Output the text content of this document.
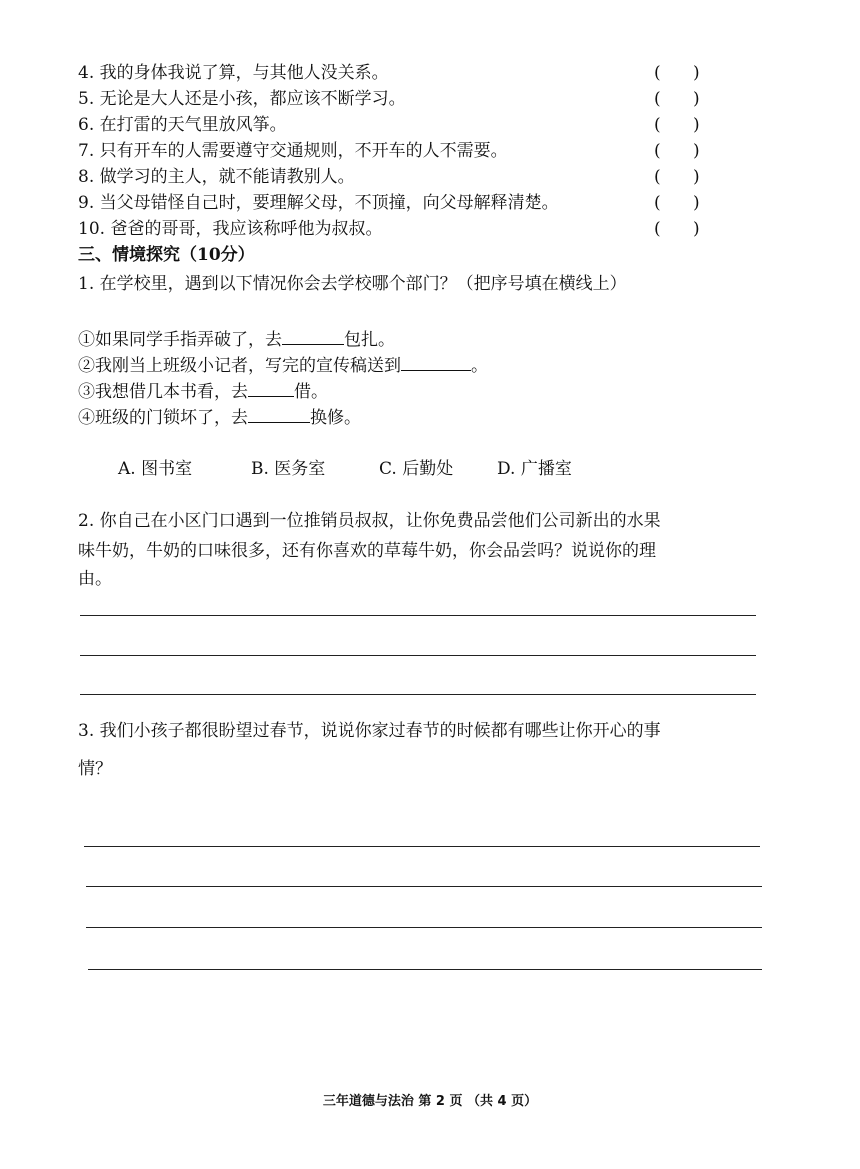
4. 我的身体我说了算，与其他人没关系。	(      )
5. 无论是大人还是小孩，都应该不断学习。	(      )
6. 在打雷的天气里放风筝。	(      )
7. 只有开车的人需要遵守交通规则，不开车的人不需要。	(      )
8. 做学习的主人，就不能请教别人。	(      )
9. 当父母错怪自己时，要理解父母，不顶撞，向父母解释清楚。	(      )
10. 爸爸的哥哥，我应该称呼他为叔叔。	(      )
三、情境探究（10分）
1. 在学校里，遇到以下情况你会去学校哪个部门？（把序号填在横线上）
①如果同学手指弄破了，去	包扎。
②我刚当上班级小记者，写完的宣传稿送到	。
③我想借几本书看，去	借。
④班级的门锁坏了，去	换修。
A. 图书室	B. 医务室	C. 后勤处	D. 广播室
2. 你自己在小区门口遇到一位推销员叔叔，让你免费品尝他们公司新出的水果
味牛奶，牛奶的口味很多，还有你喜欢的草莓牛奶，你会品尝吗？说说你的理
由。
3. 我们小孩子都很盼望过春节，说说你家过春节的时候都有哪些让你开心的事
情？
三年道德与法治 第 2 页 （共 4 页）
